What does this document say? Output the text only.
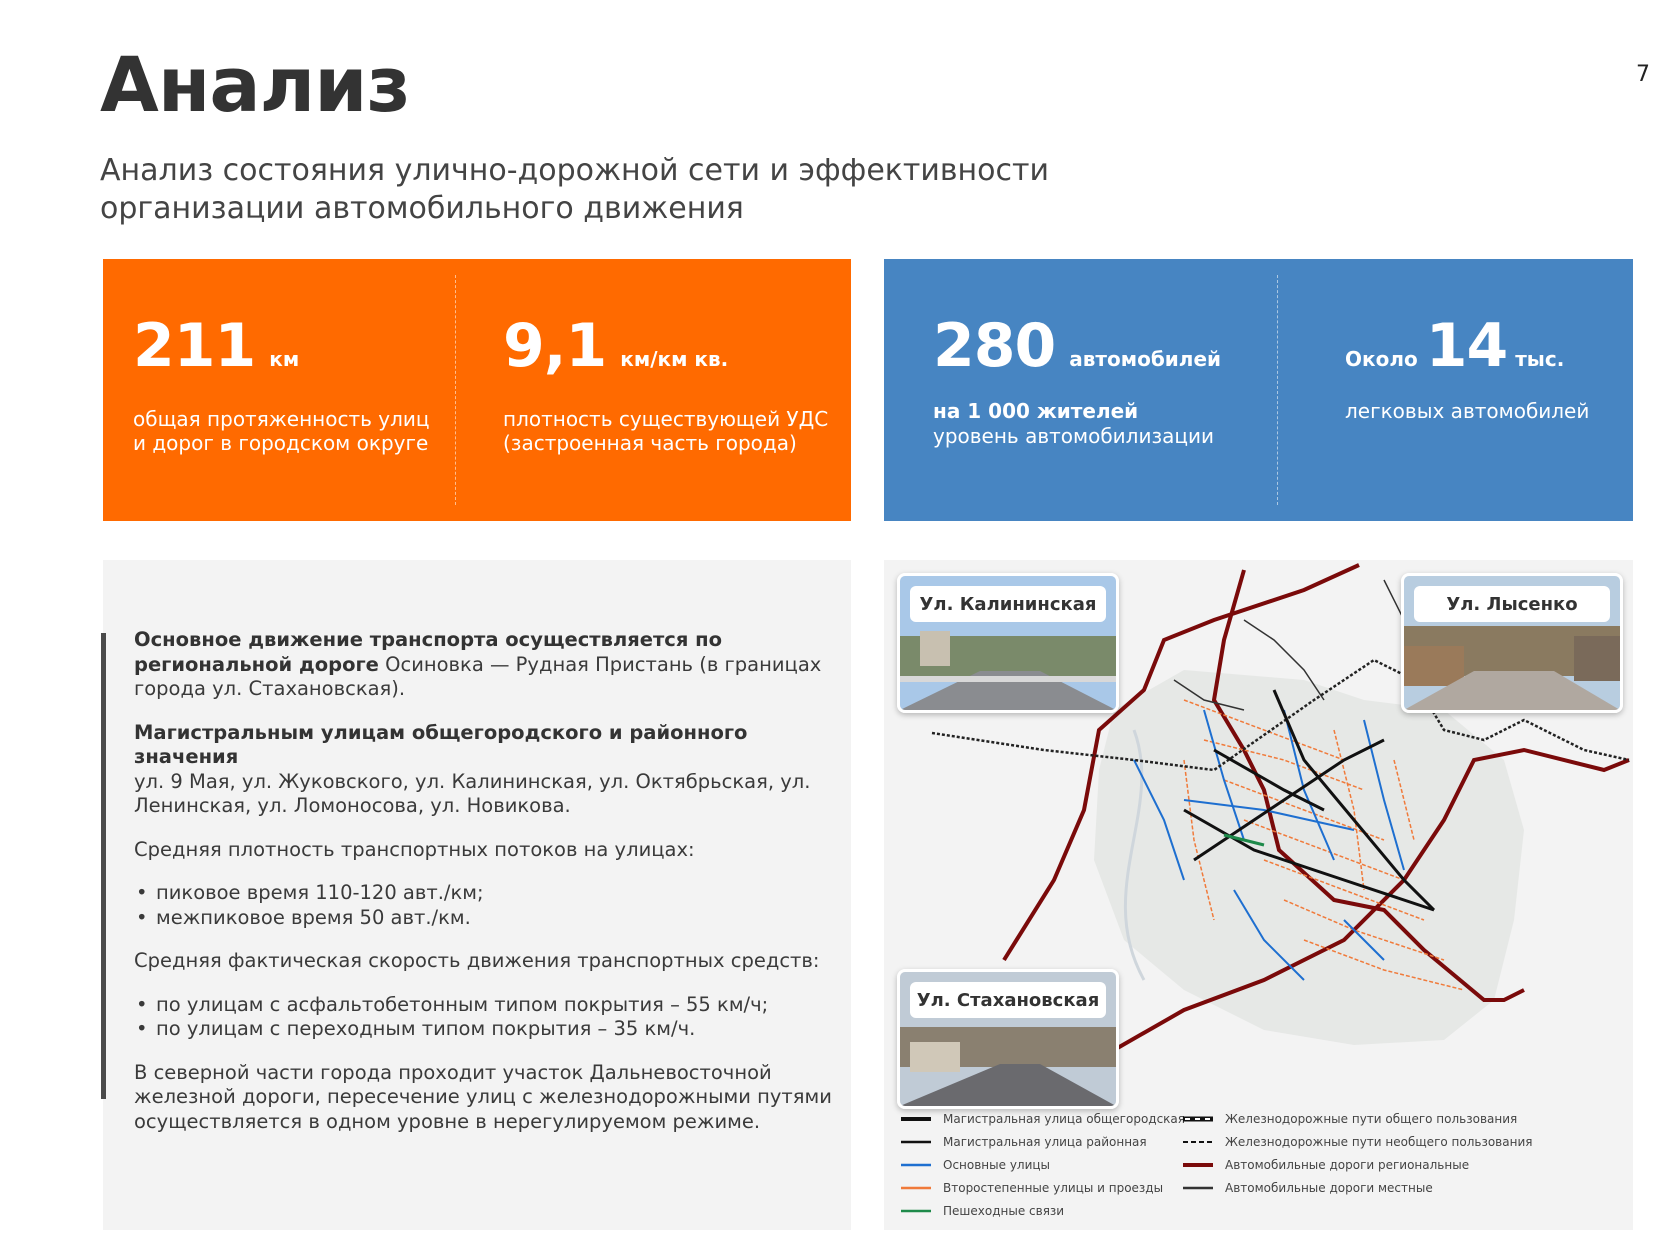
7
Анализ
Анализ состояния улично-дорожной сети и эффективности организации автомобильного движения
211 км
общая протяженность улиц
и дорог в городском округе
9,1 км/км кв.
плотность существующей УДС
(застроенная часть города)
280 автомобилей
на 1 000 жителей
уровень автомобилизации
Около 14 тыс.
легковых автомобилей

Основное движение транспорта осуществляется по региональной дороге Осиновка — Рудная Пристань (в границах города ул. Стахановская).

Магистральным улицам общегородского и районного значения
ул. 9 Мая, ул. Жуковского, ул. Калининская, ул. Октябрьская, ул. Ленинская, ул. Ломоносова, ул. Новикова.

Средняя плотность транспортных потоков на улицах:

• пиковое время 110-120 авт./км;
• межпиковое время 50 авт./км.

Средняя фактическая скорость движения транспортных средств:

• по улицам с асфальтобетонным типом покрытия – 55 км/ч;
• по улицам с переходным типом покрытия – 35 км/ч.

В северной части города проходит участок Дальневосточной железной дороги, пересечение улиц с железнодорожными путями осуществляется в одном уровне в нерегулируемом режиме.

Ул. Калининская	Ул. Лысенко
Ул. Стахановская
Магистральная улица общегородская
Магистральная улица районная
Основные улицы
Второстепенные улицы и проезды
Пешеходные связи
Железнодорожные пути общего пользования
Железнодорожные пути необщего пользования
Автомобильные дороги региональные
Автомобильные дороги местные
